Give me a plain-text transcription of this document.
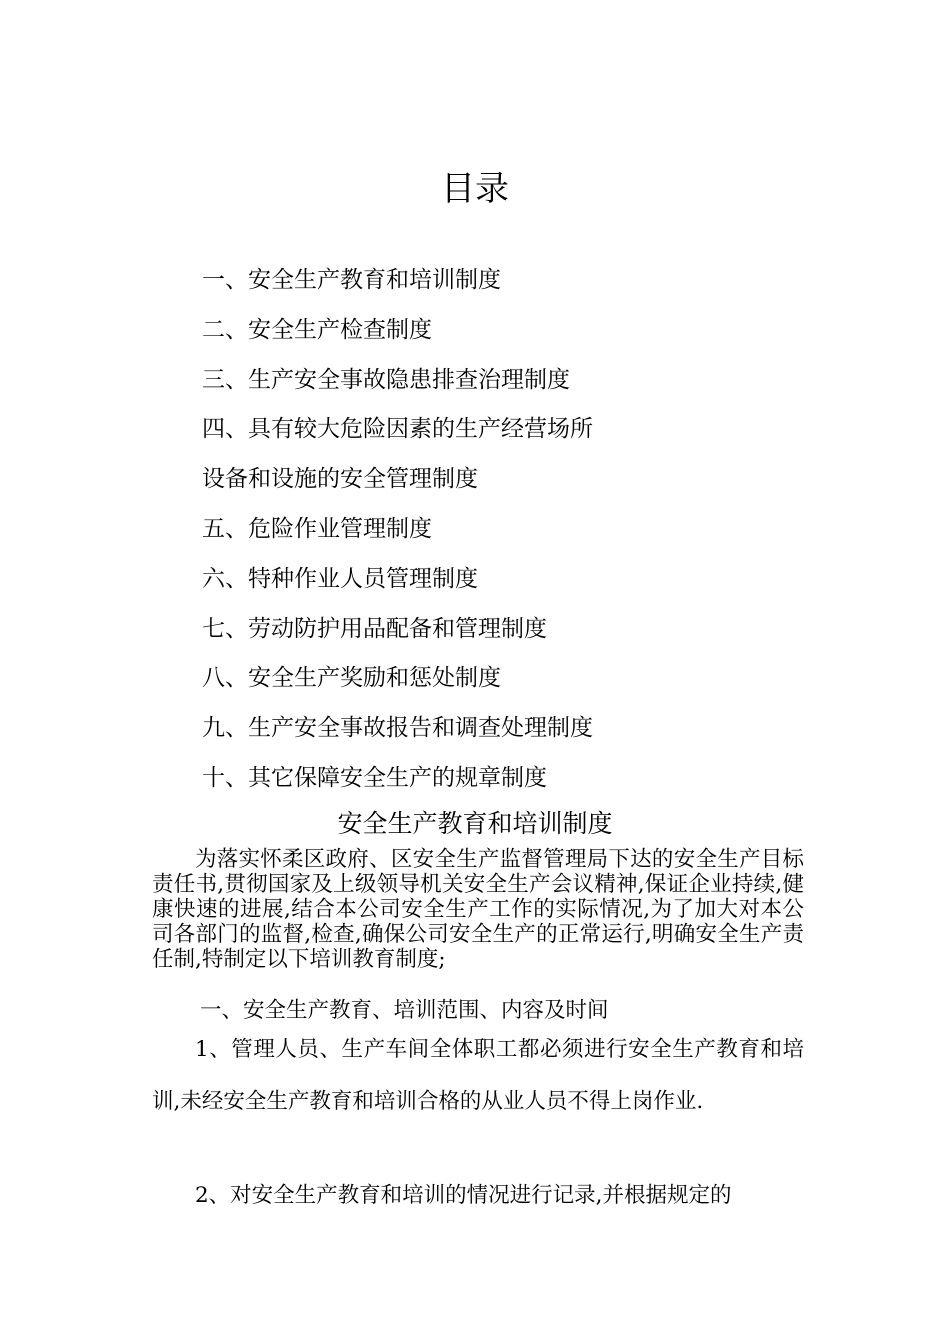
目录
一、安全生产教育和培训制度
二、安全生产检查制度
三、生产安全事故隐患排查治理制度
四、具有较大危险因素的生产经营场所
设备和设施的安全管理制度
五、危险作业管理制度
六、特种作业人员管理制度
七、劳动防护用品配备和管理制度
八、安全生产奖励和惩处制度
九、生产安全事故报告和调查处理制度
十、其它保障安全生产的规章制度
安全生产教育和培训制度

为落实怀柔区政府、区安全生产监督管理局下达的安全生产目标责任书,贯彻国家及上级领导机关安全生产会议精神,保证企业持续,健康快速的进展,结合本公司安全生产工作的实际情况,为了加大对本公司各部门的监督,检查,确保公司安全生产的正常运行,明确安全生产责任制,特制定以下培训教育制度;

一、安全生产教育、培训范围、内容及时间

1、管理人员、生产车间全体职工都必须进行安全生产教育和培训,未经安全生产教育和培训合格的从业人员不得上岗作业.

2、对安全生产教育和培训的情况进行记录,并根据规定的
